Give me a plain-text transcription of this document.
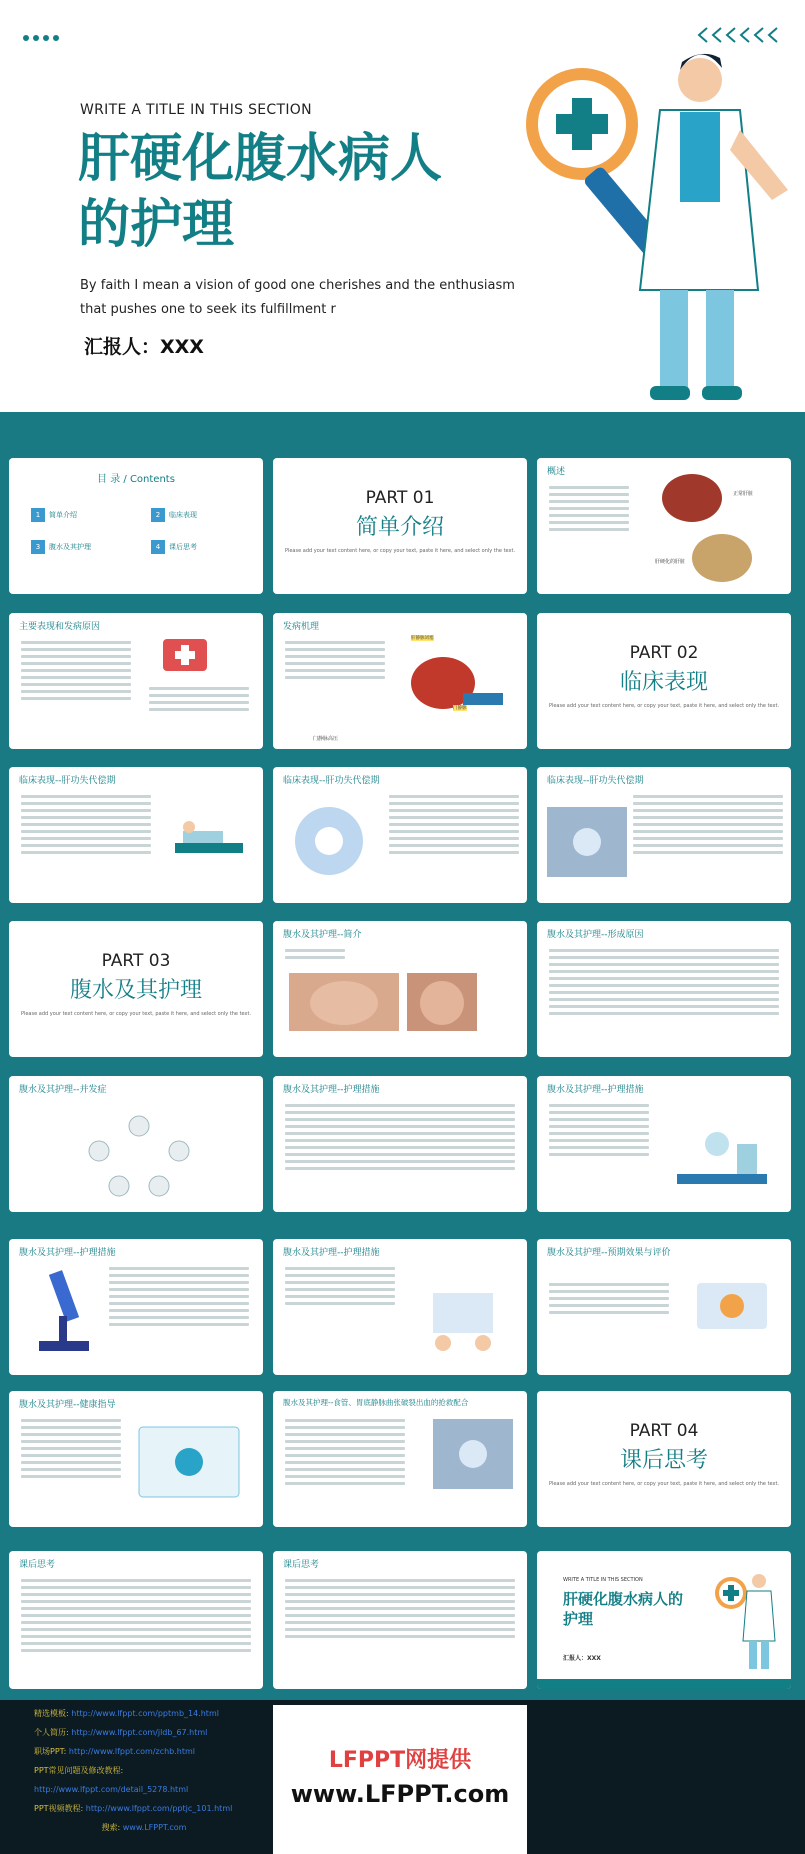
WRITE A TITLE IN THIS SECTION
肝硬化腹水病人
的护理
By faith I mean a vision of good one cherishes and the enthusiasm
that pushes one to seek its fulfillment r
汇报人：XXX
目 录 / Contents
1	简单介绍	2	临床表现
3	腹水及其护理	4	课后思考
PART 01
简单介绍
Please add your text content here, or copy your text, paste it here, and select only the text.
概述
正常肝脏
肝硬化的肝脏
主要表现和发病原因	发病机理
门静脉高压
肝静脉闭塞
门静脉
PART 02
临床表现
Please add your text content here, or copy your text, paste it here, and select only the text.
临床表现--肝功失代偿期	临床表现--肝功失代偿期	临床表现--肝功失代偿期
PART 03
腹水及其护理
Please add your text content here, or copy your text, paste it here, and select only the text.
腹水及其护理--简介	腹水及其护理--形成原因
腹水及其护理--并发症	腹水及其护理--护理措施	腹水及其护理--护理措施
腹水及其护理--护理措施	腹水及其护理--护理措施	腹水及其护理--预期效果与评价
腹水及其护理--健康指导	腹水及其护理--食管、胃底静脉曲张破裂出血的抢救配合
PART 04
课后思考
Please add your text content here, or copy your text, paste it here, and select only the text.
课后思考	课后思考
WRITE A TITLE IN THIS SECTION
肝硬化腹水病人的护理
汇报人：XXX
精选模板: http://www.lfppt.com/pptmb_14.html
个人简历: http://www.lfppt.com/jldb_67.html
职场PPT: http://www.lfppt.com/zchb.html
PPT常见问题及修改教程:
http://www.lfppt.com/detail_5278.html
PPT视频教程: http://www.lfppt.com/pptjc_101.html
搜索: www.LFPPT.com
LFPPT网提供
www.LFPPT.com
